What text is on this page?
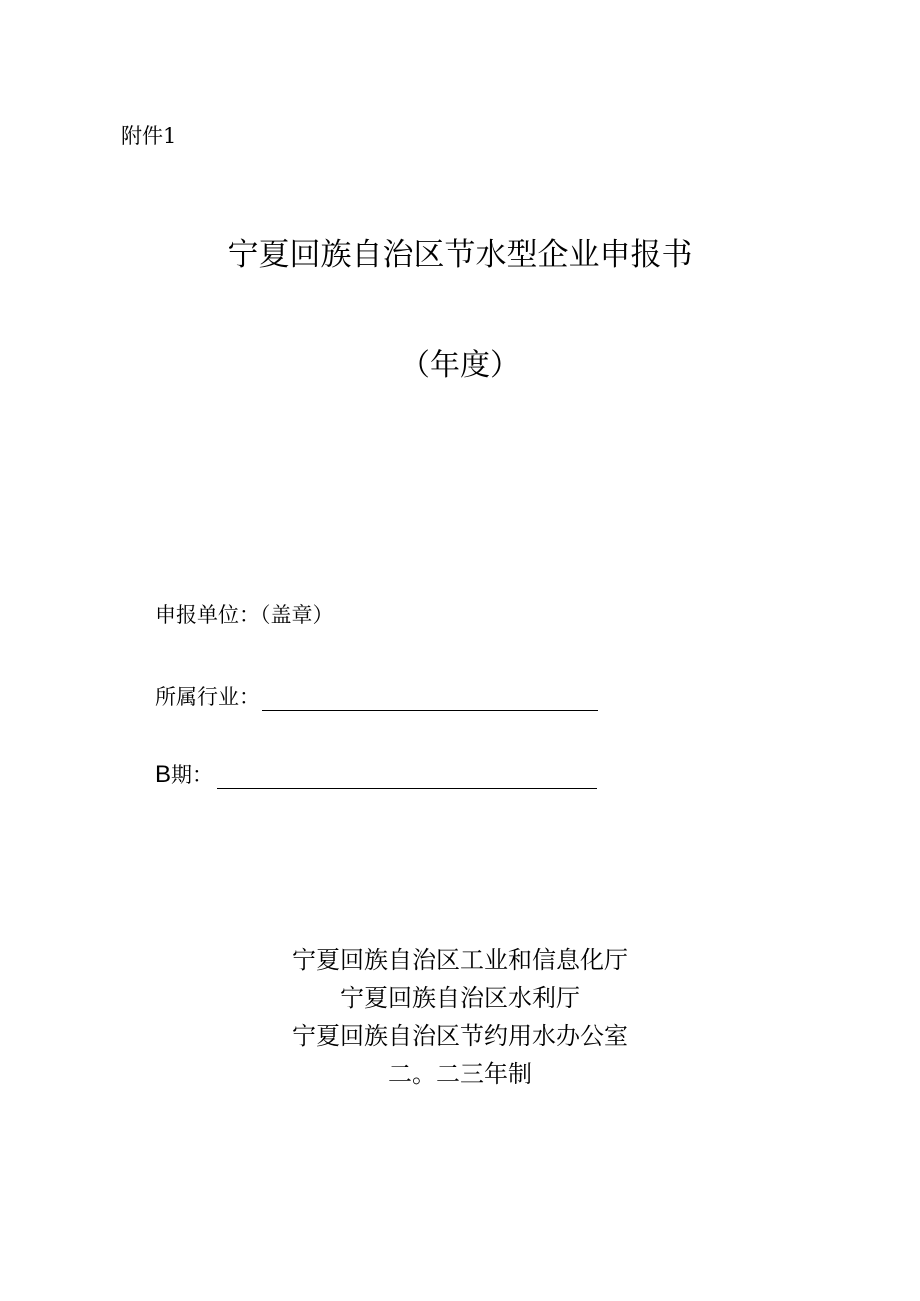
附件1
宁夏回族自治区节水型企业申报书
（年度）
申报单位：（盖章）
所属行业：
B期：
宁夏回族自治区工业和信息化厅
宁夏回族自治区水利厅
宁夏回族自治区节约用水办公室
二。二三年制
